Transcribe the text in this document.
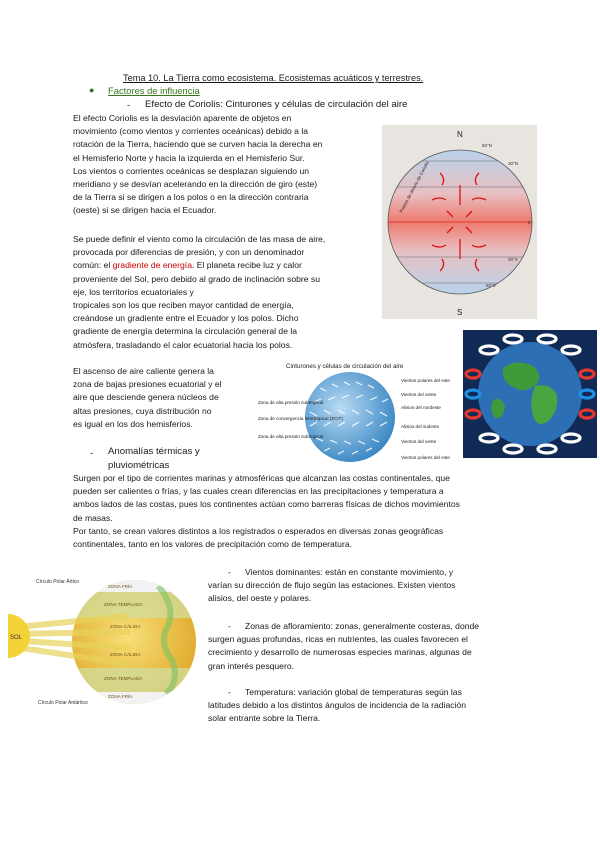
Tema 10. La Tierra como ecosistema. Ecosistemas acuáticos y terrestres.
● Factores de influencia
- Efecto de Coriolis: Cinturones y células de circulación del aire
El efecto Coriolis es la desviación aparente de objetos en
movimiento (como vientos y corrientes oceánicas) debido a la
rotación de la Tierra, haciendo que se curven hacia la derecha en
el Hemisferio Norte y hacia la izquierda en el Hemisferio Sur.
Los vientos o corrientes oceánicas se desplazan siguiendo un
meridiano y se desvían acelerando en la dirección de giro (este)
de la Tierra si se dirigen a los polos o en la dirección contraria
(oeste) si se dirigen hacia el Ecuador.
Se puede definir el viento como la circulación de las masa de aire,
provocada por diferencias de presión, y con un denominador
común: el gradiente de energía. El planeta recibe luz y calor
proveniente del Sol, pero debido al grado de inclinación sobre su
eje, los territorios ecuatoriales y
tropicales son los que reciben mayor cantidad de energía,
creándose un gradiente entre el Ecuador y los polos. Dicho
gradiente de energía determina la circulación general de la
atmósfera, trasladando el calor ecuatorial hacia los polos.
El ascenso de aire caliente genera la
zona de bajas presiones ecuatorial y el
aire que desciende genera núcleos de
altas presiones, cuya distribución no
es igual en los dos hemisferios.
- Anomalías térmicas y
pluviométricas
Surgen por el tipo de corrientes marinas y atmosféricas que alcanzan las costas continentales, que
pueden ser calientes o frías, y las cuales crean diferencias en las precipitaciones y temperatura a
ambos lados de las costas, pues los continentes actúan como barreras físicas de dichos movimientos
de masas.
Por tanto, se crean valores distintos a los registrados o esperados en diversas zonas geográficas
continentales, tanto en los valores de precipitación como de temperatura.
-	Vientos dominantes: están en constante movimiento, y
varían su dirección de flujo según las estaciones. Existen vientos
alisios, del oeste y polares.
-	Zonas de afloramiento: zonas, generalmente costeras, donde
surgen aguas profundas, ricas en nutrientes, las cuales favorecen el
crecimiento y desarrollo de numerosas especies marinas, algunas de
gran interés pesquero.
-	Temperatura: variación global de temperaturas según las
latitudes debido a los distintos ángulos de incidencia de la radiación
solar entrante sobre la Tierra.
N
S
Fuerza de desvío de Coriolis
60°N
30°N
0
30°S
60°S
Cinturones y células de circulación del aire
Vientos polares del este
Vientos del oeste
Alisios del nordeste
Alisios del sudeste
Vientos del oeste
Vientos polares del este
Zona de alta presión subtropical
Zona de convergencia intertropical (ZCIT)
Zona de alta presión subtropical
SOL
Círculo Polar Ártico
Círculo Polar Antártico
ZONA FRÍA
ZONA TEMPLADA
ZONA CÁLIDA
ZONA CÁLIDA
ZONA TEMPLADA
ZONA FRÍA
